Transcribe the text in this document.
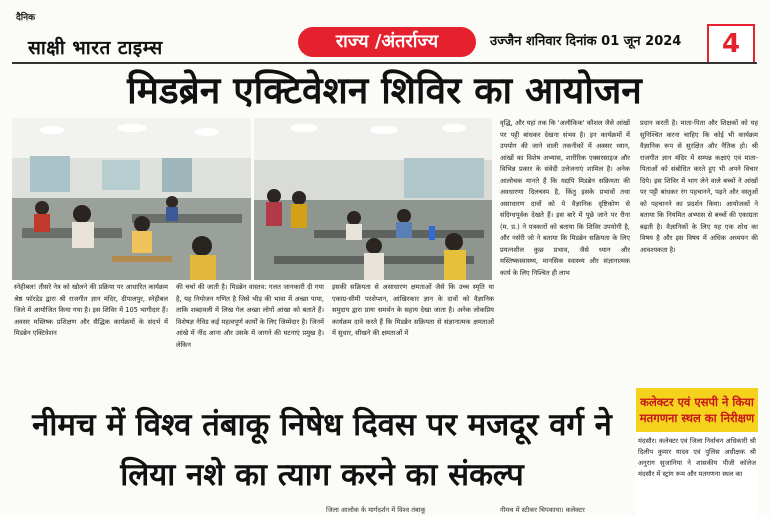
दैनिक
साक्षी भारत टाइम्स	राज्य /अंतर्राज्य	उज्जैन शनिवार दिनांक 01 जून 2024	4
मिडब्रेन एक्टिवेशन शिविर का आयोजन

स्नेहीबल! तीसरे नेत्र को खोलने की प्रक्रिया पर आधारित कार्यक्रम श्रेष्ठ फॉरडेड द्वारा श्री राजगीत ज्ञान मंदिर, दीपालपुर, स्नेहीबल जिले में आयोजित किया गया है। इस शिविर में 105 भागीदार हैं। अवसर मस्तिष्क प्रशिक्षण और सैद्धिक कार्यक्रमों के संदर्भ में मिडब्रेन एक्टिवेशन

की चर्चा की जाती है। मिडब्रेन वास्तव: गलत जानकारी दी गया है, यह नियोजन गणित है जिसे भीड़ की भावा में अच्छा पाया, ताकि शब्दावली में लिख गेल अच्छा लोगों आंखा को बताते हैं। विशेषज्ञ नेविड कई महत्वपूर्ण कार्यों के लिए जिम्मेदार है। जिनमें आंखे में नींद आना और उसके में जागने की घटनाएं प्रमुख है। लेकिन

इसकी सक्रियता से असाधारण क्षमताओं जैसे कि उच्च स्मृति या एकाग्र-सीमी परशेप्शन, आंखिरकार ज्ञान के दावों को वैज्ञानिक समुदाय द्वारा प्रायः समर्थन के सहाय देखा जाता है। अनेक लोकप्रिय कार्यक्रम दावे करते हैं कि मिडब्रेन सक्रियता से संज्ञानात्मक क्षमताओं में सुधार, सीखने की क्षमताओं में

वृद्धि, और यहां तक कि 'अलौकिक' कौशल जैसे आंखों पर पट्टी बांधकर देखना संभव है। इन कार्यक्रमों में उपयोग की जाने वाली तकनीकों में अक्सर ध्यान, आंखों का विशेष अभ्यास, शारीरिक एक्सरसाइज और विभिन्न प्रकार के संवेदी उत्तेजनाएं शामिल है। अनेक आलोचक मानते हैं कि यद्यपि मिडब्रेन सक्रियता की अवधारणा दिलचस्प है, किंतु इसके प्रभावों तथा असाधारण दावों को ये वैज्ञानिक दृष्टिकोण से संदिग्धपूर्वक देखते हैं। इस बारे में पूछे जाने पर रीना (म. प्र.) ने पत्रकारों को बताया कि शिविर उपयोगी है, और नर्सरी जो ने बताया कि मिडब्रेन सक्रियता के लिए प्रयत्नशील कुछ प्रभाव, जैसे ध्यान और मस्तिष्कस्वास्थ्य, मानसिक स्वास्थ्य और संज्ञानात्मक कार्य के लिए निश्चित ही लाभ

प्रदान करती है। माता-पिता और शिक्षकों को यह सुनिश्चित करना चाहिए कि कोई भी कार्यक्रम वैज्ञानिक रूप से सुरक्षित और नैतिक हो। श्री राजगीत ज्ञान मंदिर में सम्पन्न कक्षाएं एवं माता-पिताओं को संबोधित करते हुए भी अपने विचार दिये। इस शिविर में भाग लेने वाले बच्चों ने आंखों पर पट्टी बांधकर रंग पहचानने, पढ़ने और वस्तुओं को पहचानने का प्रदर्शन किया। आयोजकों ने बताया कि नियमित अभ्यास से बच्चों की एकाग्रता बढ़ती है। वैज्ञानिकों के लिए यह एक शोध का विषय है और इस विषय में अधिक अध्ययन की आवश्यकता है।

नीमच में विश्व तंबाकू निषेध दिवस पर मजदूर वर्ग ने लिया नशे का त्याग करने का संकल्प
कलेक्टर एवं एसपी ने किया मतगणना स्थल का निरीक्षण
मंदसौर। कलेक्टर एवं जिला निर्वाचन अधिकारी श्री दिलीप कुमार यादव एवं पुलिस अधीक्षक श्री अनुराग सुजानिया ने शासकीय पीजी कॉलेज मंदसौर में स्ट्रांग रूम और मतगणना स्थल का
जिला आलोक के मार्गदर्शन में विश्व तंबाकू	नीमच में स्टीकर चिपकाया। कलेक्टर
